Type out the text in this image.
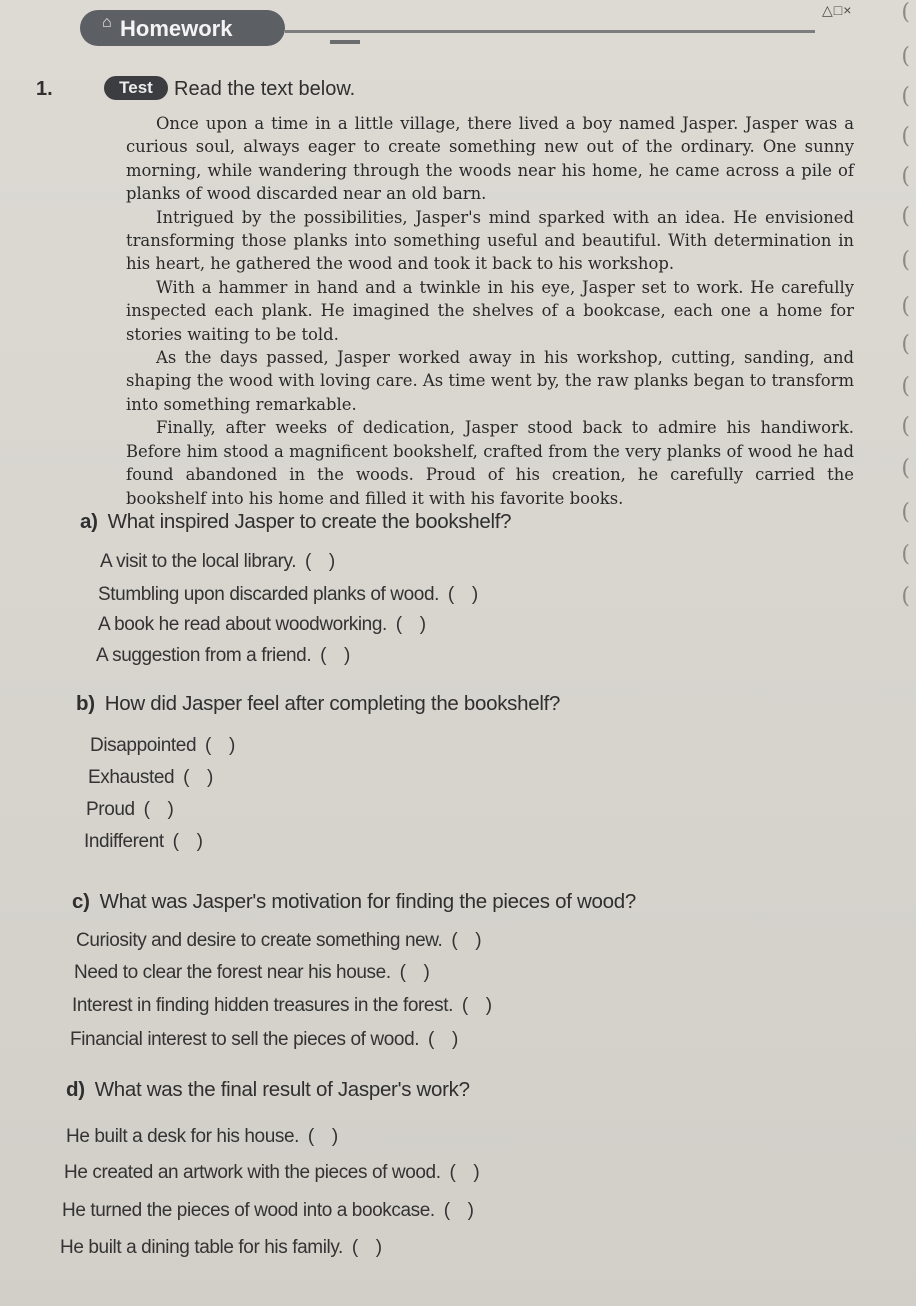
⌂ Homework
△□× (
(
(
(
(
(
(
(
(
(
(
(
(
(
(
1.	Test	Read the text below.

Once upon a time in a little village, there lived a boy named Jasper. Jasper was a curious soul, always eager to create something new out of the ordinary. One sunny morning, while wandering through the woods near his home, he came across a pile of planks of wood discarded near an old barn.

Intrigued by the possibilities, Jasper's mind sparked with an idea. He envisioned transforming those planks into something useful and beautiful. With determination in his heart, he gathered the wood and took it back to his workshop.

With a hammer in hand and a twinkle in his eye, Jasper set to work. He carefully inspected each plank. He imagined the shelves of a bookcase, each one a home for stories waiting to be told.

As the days passed, Jasper worked away in his workshop, cutting, sanding, and shaping the wood with loving care. As time went by, the raw planks began to transform into something remarkable.

Finally, after weeks of dedication, Jasper stood back to admire his handiwork. Before him stood a magnificent bookshelf, crafted from the very planks of wood he had found abandoned in the woods. Proud of his creation, he carefully carried the bookshelf into his home and filled it with his favorite books.

a) What inspired Jasper to create the bookshelf?
A visit to the local library. ( )
Stumbling upon discarded planks of wood. ( )
A book he read about woodworking. ( )
A suggestion from a friend. ( )
b) How did Jasper feel after completing the bookshelf?
Disappointed ( )
Exhausted ( )
Proud ( )
Indifferent ( )
c) What was Jasper's motivation for finding the pieces of wood?
Curiosity and desire to create something new. ( )
Need to clear the forest near his house. ( )
Interest in finding hidden treasures in the forest. ( )
Financial interest to sell the pieces of wood. ( )
d) What was the final result of Jasper's work?
He built a desk for his house. ( )
He created an artwork with the pieces of wood. ( )
He turned the pieces of wood into a bookcase. ( )
He built a dining table for his family. ( )
